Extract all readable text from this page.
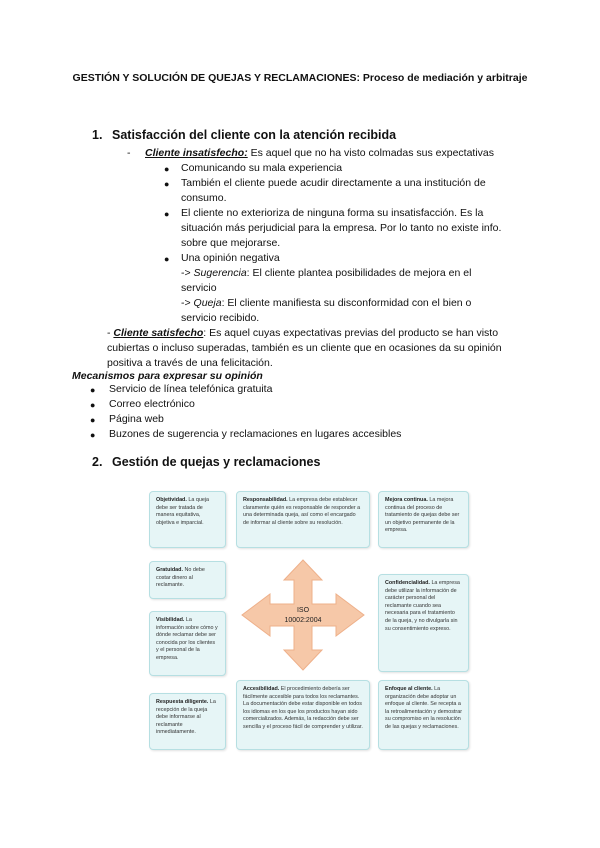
GESTIÓN Y SOLUCIÓN DE QUEJAS Y RECLAMACIONES: Proceso de mediación y arbitraje
1. Satisfacción del cliente con la atención recibida
- Cliente insatisfecho: Es aquel que no ha visto colmadas sus expectativas
● Comunicando su mala experiencia
● También el cliente puede acudir directamente a una institución de
consumo.
● El cliente no exterioriza de ninguna forma su insatisfacción. Es la
situación más perjudicial para la empresa. Por lo tanto no existe info.
sobre que mejorarse.
● Una opinión negativa
-> Sugerencia: El cliente plantea posibilidades de mejora en el
servicio
-> Queja: El cliente manifiesta su disconformidad con el bien o
servicio recibido.
- Cliente satisfecho: Es aquel cuyas expectativas previas del producto se han visto
cubiertas o incluso superadas, también es un cliente que en ocasiones da su opinión
positiva a través de una felicitación.
Mecanismos para expresar su opinión
● Servicio de línea telefónica gratuita
● Correo electrónico
● Página web
● Buzones de sugerencia y reclamaciones en lugares accesibles
2. Gestión de quejas y reclamaciones
ISO
10002:2004
Objetividad. La queja debe ser tratada de manera equitativa, objetiva e imparcial.
Responsabilidad. La empresa debe establecer claramente quién es responsable de responder a una determinada queja, así como el encargado de informar al cliente sobre su resolución.
Mejora continua. La mejora continua del proceso de tratamiento de quejas debe ser un objetivo permanente de la empresa.
Gratuidad. No debe costar dinero al reclamante.	Confidencialidad. La empresa debe utilizar la información de carácter personal del reclamante cuando sea necesaria para el tratamiento de la queja, y no divulgarla sin su consentimiento expreso.
Visibilidad. La información sobre cómo y dónde reclamar debe ser conocida por los clientes y el personal de la empresa.
Respuesta diligente. La recepción de la queja debe informarse al reclamante inmediatamente.
Accesibilidad. El procedimiento debería ser fácilmente accesible para todos los reclamantes. La documentación debe estar disponible en todos los idiomas en los que los productos hayan sido comercializados. Además, la redacción debe ser sencilla y el proceso fácil de comprender y utilizar.
Enfoque al cliente. La organización debe adoptar un enfoque al cliente. Se recepta a la retroalimentación y demostrar su compromiso en la resolución de las quejas y reclamaciones.
